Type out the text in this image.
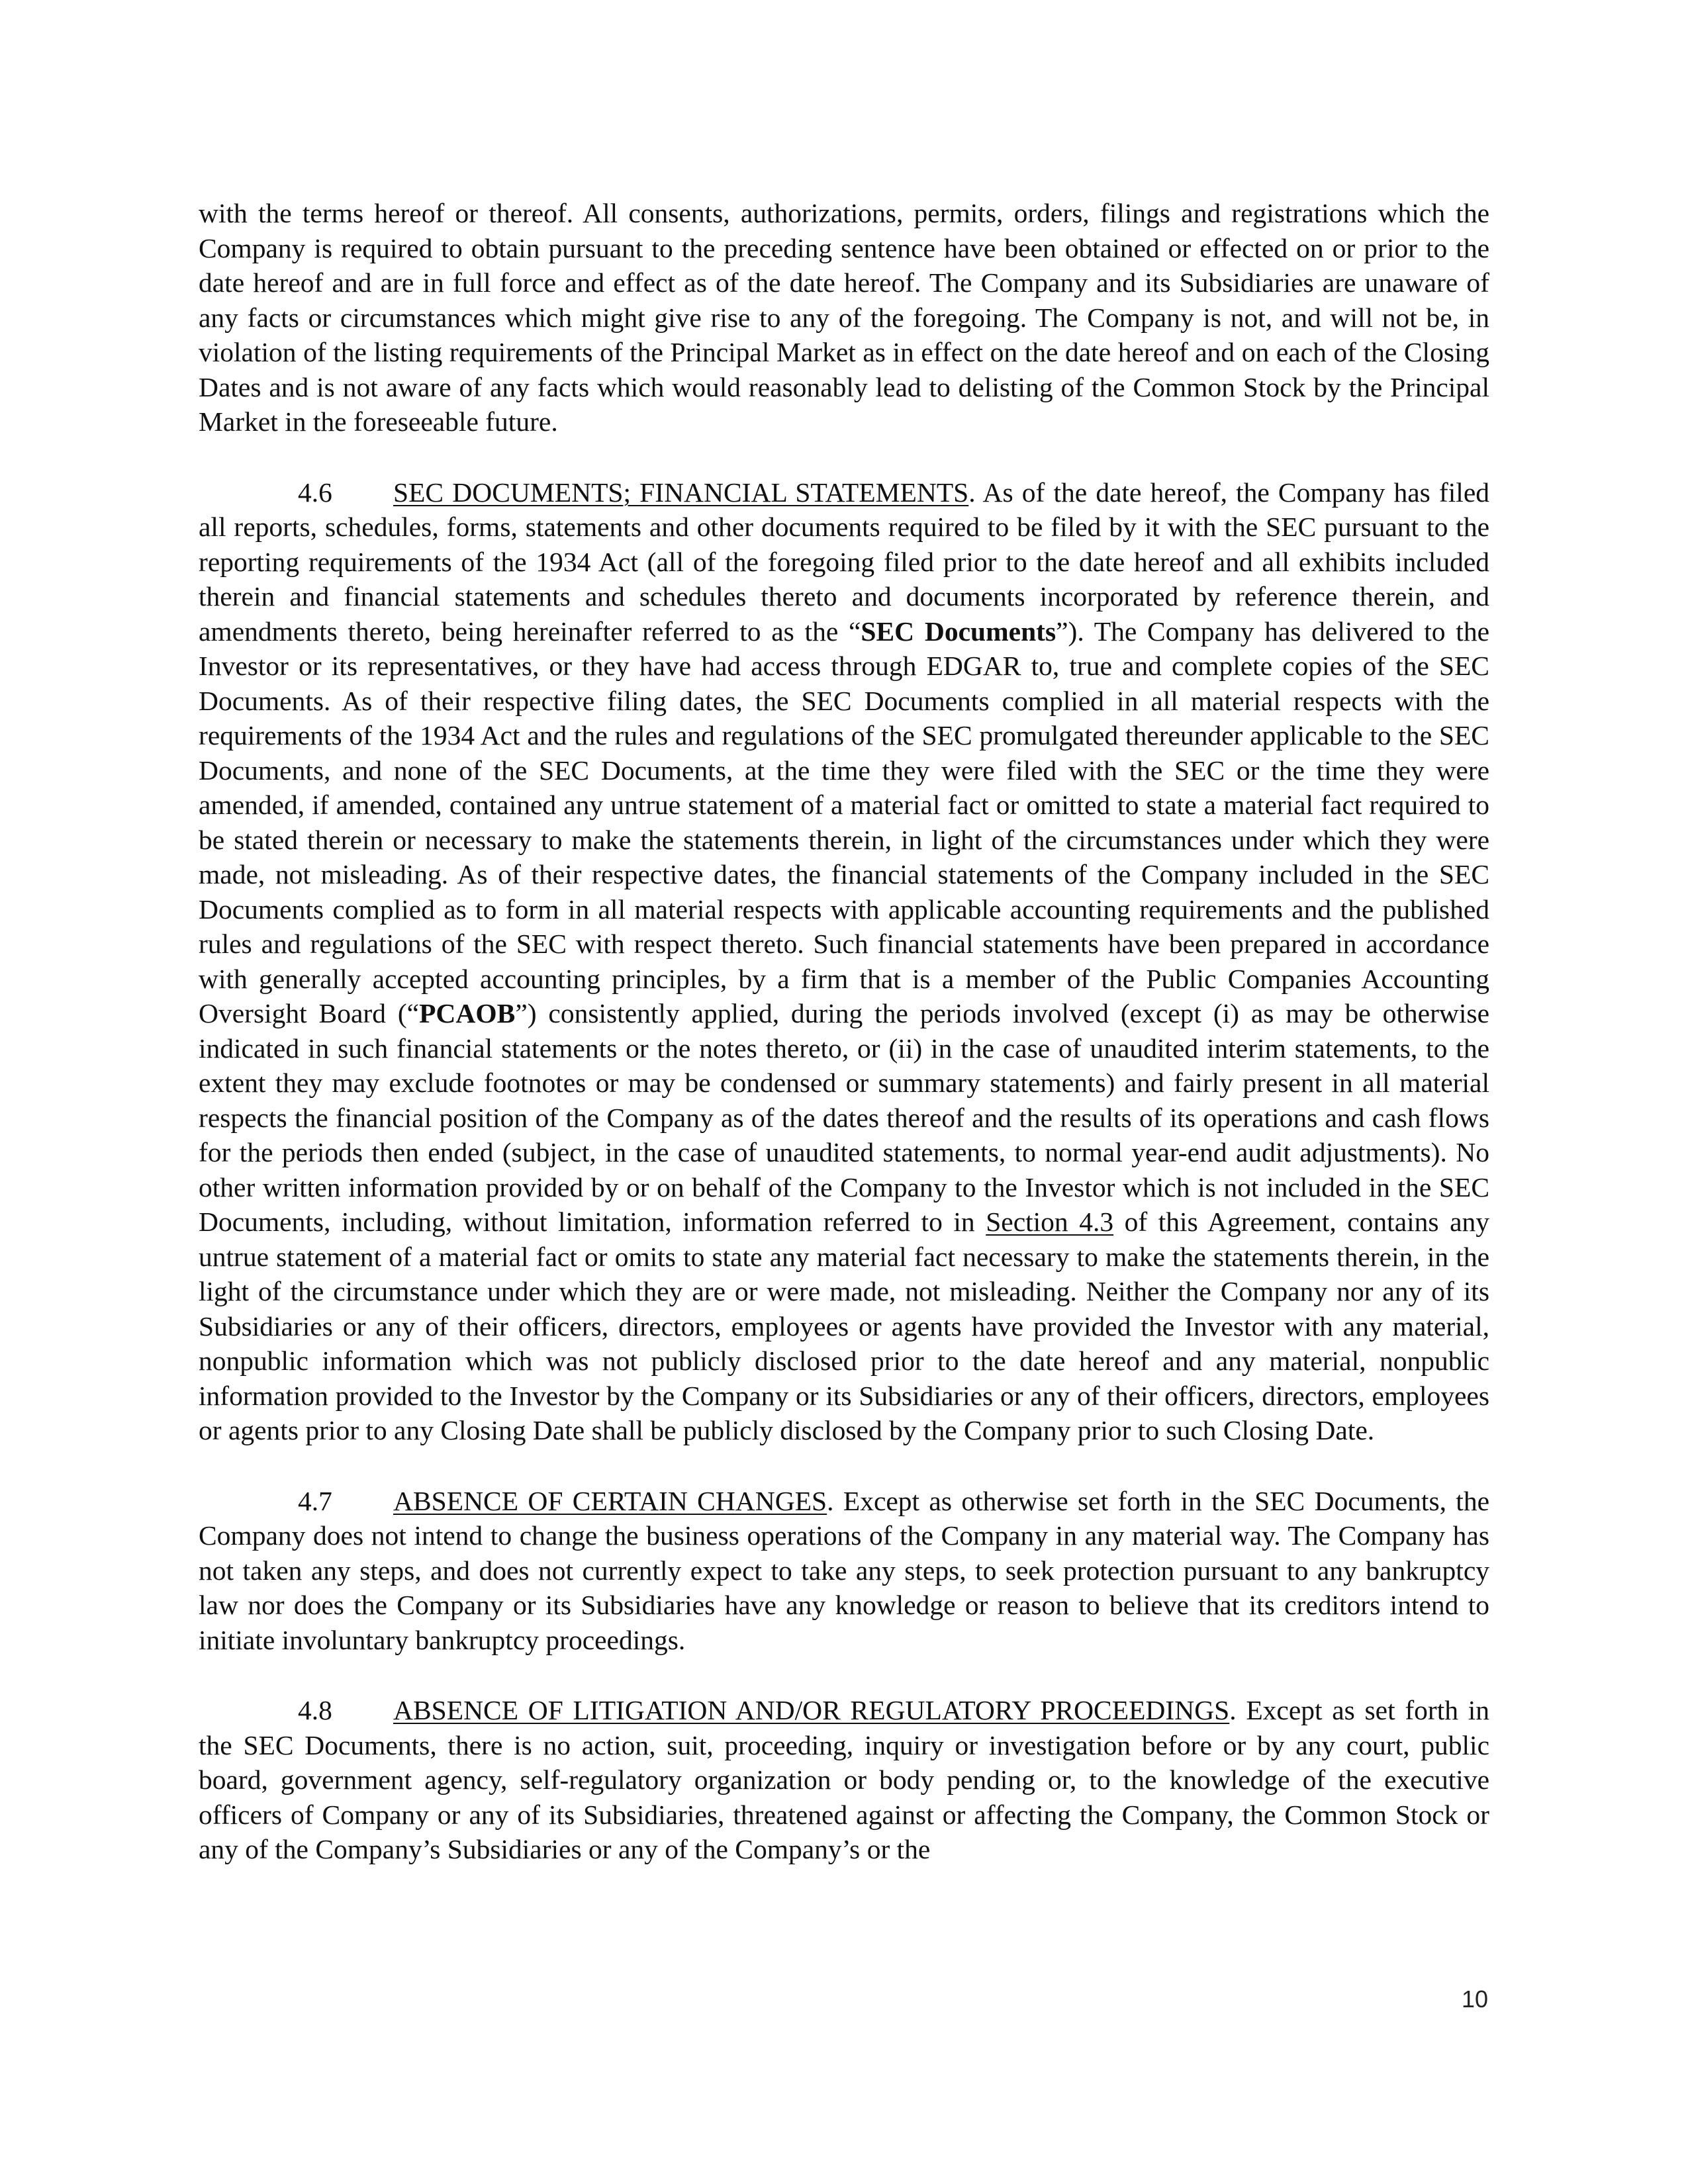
with the terms hereof or thereof. All consents, authorizations, permits, orders, filings and registrations which the Company is required to obtain pursuant to the preceding sentence have been obtained or effected on or prior to the date hereof and are in full force and effect as of the date hereof. The Company and its Subsidiaries are unaware of any facts or circumstances which might give rise to any of the foregoing. The Company is not, and will not be, in violation of the listing requirements of the Principal Market as in effect on the date hereof and on each of the Closing Dates and is not aware of any facts which would reasonably lead to delisting of the Common Stock by the Principal Market in the foreseeable future.

4.6 SEC DOCUMENTS; FINANCIAL STATEMENTS. As of the date hereof, the Company has filed all reports, schedules, forms, statements and other documents required to be filed by it with the SEC pursuant to the reporting requirements of the 1934 Act (all of the foregoing filed prior to the date hereof and all exhibits included therein and financial statements and schedules thereto and documents incorporated by reference therein, and amendments thereto, being hereinafter referred to as the “SEC Documents”). The Company has delivered to the Investor or its representatives, or they have had access through EDGAR to, true and complete copies of the SEC Documents. As of their respective filing dates, the SEC Documents complied in all material respects with the requirements of the 1934 Act and the rules and regulations of the SEC promulgated thereunder applicable to the SEC Documents, and none of the SEC Documents, at the time they were filed with the SEC or the time they were amended, if amended, contained any untrue statement of a material fact or omitted to state a material fact required to be stated therein or necessary to make the statements therein, in light of the circumstances under which they were made, not misleading. As of their respective dates, the financial statements of the Company included in the SEC Documents complied as to form in all material respects with applicable accounting requirements and the published rules and regulations of the SEC with respect thereto. Such financial statements have been prepared in accordance with generally accepted accounting principles, by a firm that is a member of the Public Companies Accounting Oversight Board (“PCAOB”) consistently applied, during the periods involved (except (i) as may be otherwise indicated in such financial statements or the notes thereto, or (ii) in the case of unaudited interim statements, to the extent they may exclude footnotes or may be condensed or summary statements) and fairly present in all material respects the financial position of the Company as of the dates thereof and the results of its operations and cash flows for the periods then ended (subject, in the case of unaudited statements, to normal year-end audit adjustments). No other written information provided by or on behalf of the Company to the Investor which is not included in the SEC Documents, including, without limitation, information referred to in Section 4.3 of this Agreement, contains any untrue statement of a material fact or omits to state any material fact necessary to make the statements therein, in the light of the circumstance under which they are or were made, not misleading. Neither the Company nor any of its Subsidiaries or any of their officers, directors, employees or agents have provided the Investor with any material, nonpublic information which was not publicly disclosed prior to the date hereof and any material, nonpublic information provided to the Investor by the Company or its Subsidiaries or any of their officers, directors, employees or agents prior to any Closing Date shall be publicly disclosed by the Company prior to such Closing Date.

4.7 ABSENCE OF CERTAIN CHANGES. Except as otherwise set forth in the SEC Documents, the Company does not intend to change the business operations of the Company in any material way. The Company has not taken any steps, and does not currently expect to take any steps, to seek protection pursuant to any bankruptcy law nor does the Company or its Subsidiaries have any knowledge or reason to believe that its creditors intend to initiate involuntary bankruptcy proceedings.

4.8 ABSENCE OF LITIGATION AND/OR REGULATORY PROCEEDINGS. Except as set forth in the SEC Documents, there is no action, suit, proceeding, inquiry or investigation before or by any court, public board, government agency, self-regulatory organization or body pending or, to the knowledge of the executive officers of Company or any of its Subsidiaries, threatened against or affecting the Company, the Common Stock or any of the Company’s Subsidiaries or any of the Company’s or the

10
